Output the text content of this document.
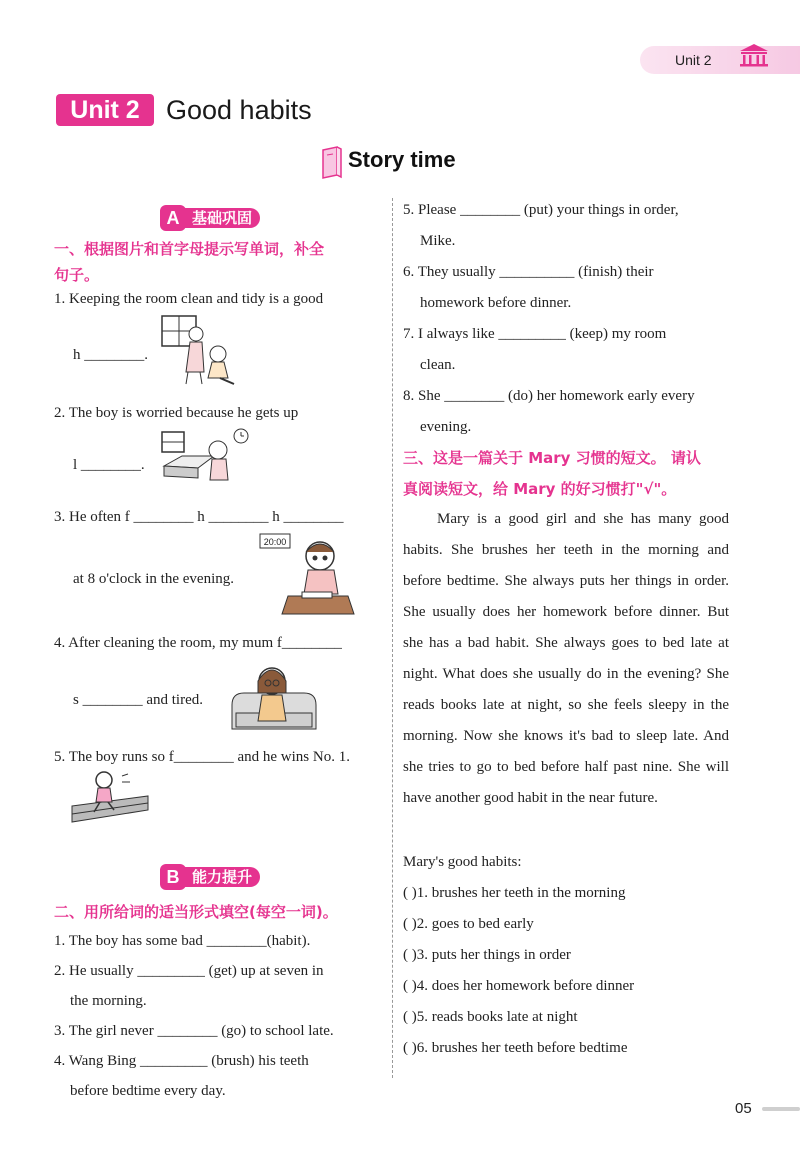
Unit 2
Unit 2 Good habits
Story time
A 基础巩固
一、根据图片和首字母提示写单词，补全
句子。
1. Keeping the room clean and tidy is a good
h ________.
2. The boy is worried because he gets up
l ________.
3. He often f ________ h ________ h ________
at 8 o'clock in the evening.
20:00
4. After cleaning the room, my mum f________
s ________ and tired.
5. The boy runs so f________ and he wins No. 1.
B 能力提升
二、用所给词的适当形式填空(每空一词)。
1. The boy has some bad ________(habit).
2. He usually _________ (get) up at seven in
the morning.
3. The girl never ________ (go) to school late.
4. Wang Bing _________ (brush) his teeth
before bedtime every day.
5. Please ________ (put) your things in order,
Mike.
6. They usually __________ (finish) their
homework before dinner.
7. I always like _________ (keep) my room
clean.
8. She ________ (do) her homework early every
evening.
三、这是一篇关于 Mary 习惯的短文。 请认
真阅读短文，给 Mary 的好习惯打"√"。
Mary is a good girl and she has many good habits. She brushes her teeth in the morning and before bedtime. She always puts her things in order. She usually does her homework before dinner. But she has a bad habit. She always goes to bed late at night. What does she usually do in the evening? She reads books late at night, so she feels sleepy in the morning. Now she knows it's bad to sleep late. And she tries to go to bed before half past nine. She will have another good habit in the near future.
Mary's good habits:
( )1. brushes her teeth in the morning
( )2. goes to bed early
( )3. puts her things in order
( )4. does her homework before dinner
( )5. reads books late at night
( )6. brushes her teeth before bedtime
05
